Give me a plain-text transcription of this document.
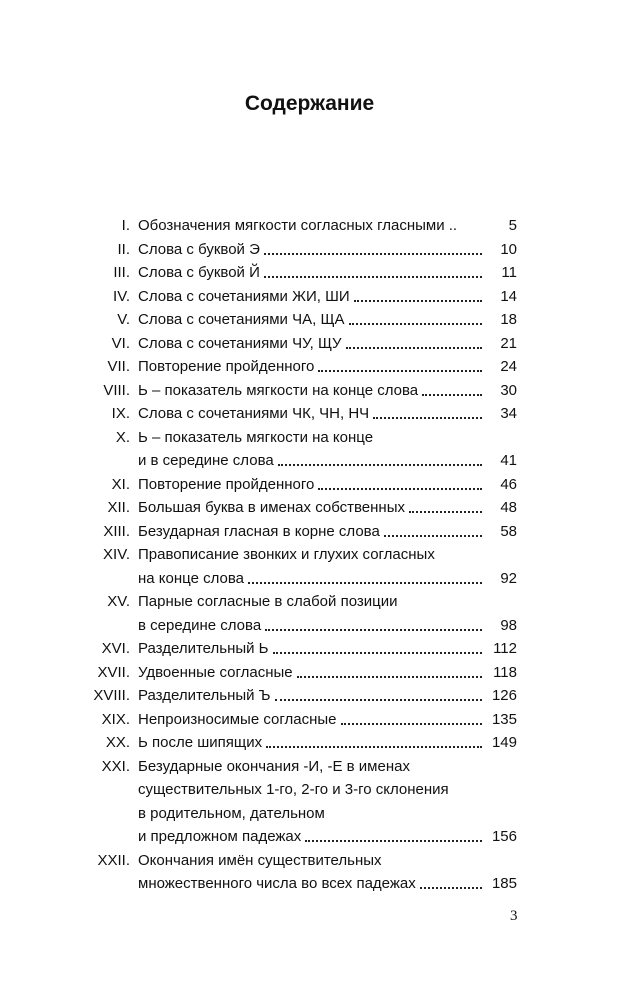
Содержание
I. Обозначения мягкости согласных гласными ..	5
II. Слова с буквой Э	10
III. Слова с буквой Й	11
IV. Слова с сочетаниями ЖИ, ШИ	14
V. Слова с сочетаниями ЧА, ЩА	18
VI. Слова с сочетаниями ЧУ, ЩУ	21
VII. Повторение пройденного	24
VIII. Ь – показатель мягкости на конце слова	30
IX. Слова с сочетаниями ЧК, ЧН, НЧ	34
X. Ь – показатель мягкости на конце
и в середине слова	41
XI. Повторение пройденного	46
XII. Большая буква в именах собственных	48
XIII. Безударная гласная в корне слова	58
XIV. Правописание звонких и глухих согласных
на конце слова	92
XV. Парные согласные в слабой позиции
в середине слова	98
XVI. Разделительный Ь	112
XVII. Удвоенные согласные	118
XVIII. Разделительный Ъ	126
XIX. Непроизносимые согласные	135
XX. Ь после шипящих	149
XXI. Безударные окончания -И, -Е в именах
существительных 1-го, 2-го и 3-го склонения
в родительном, дательном
и предложном падежах	156
XXII. Окончания имён существительных
множественного числа во всех падежах	185
3
